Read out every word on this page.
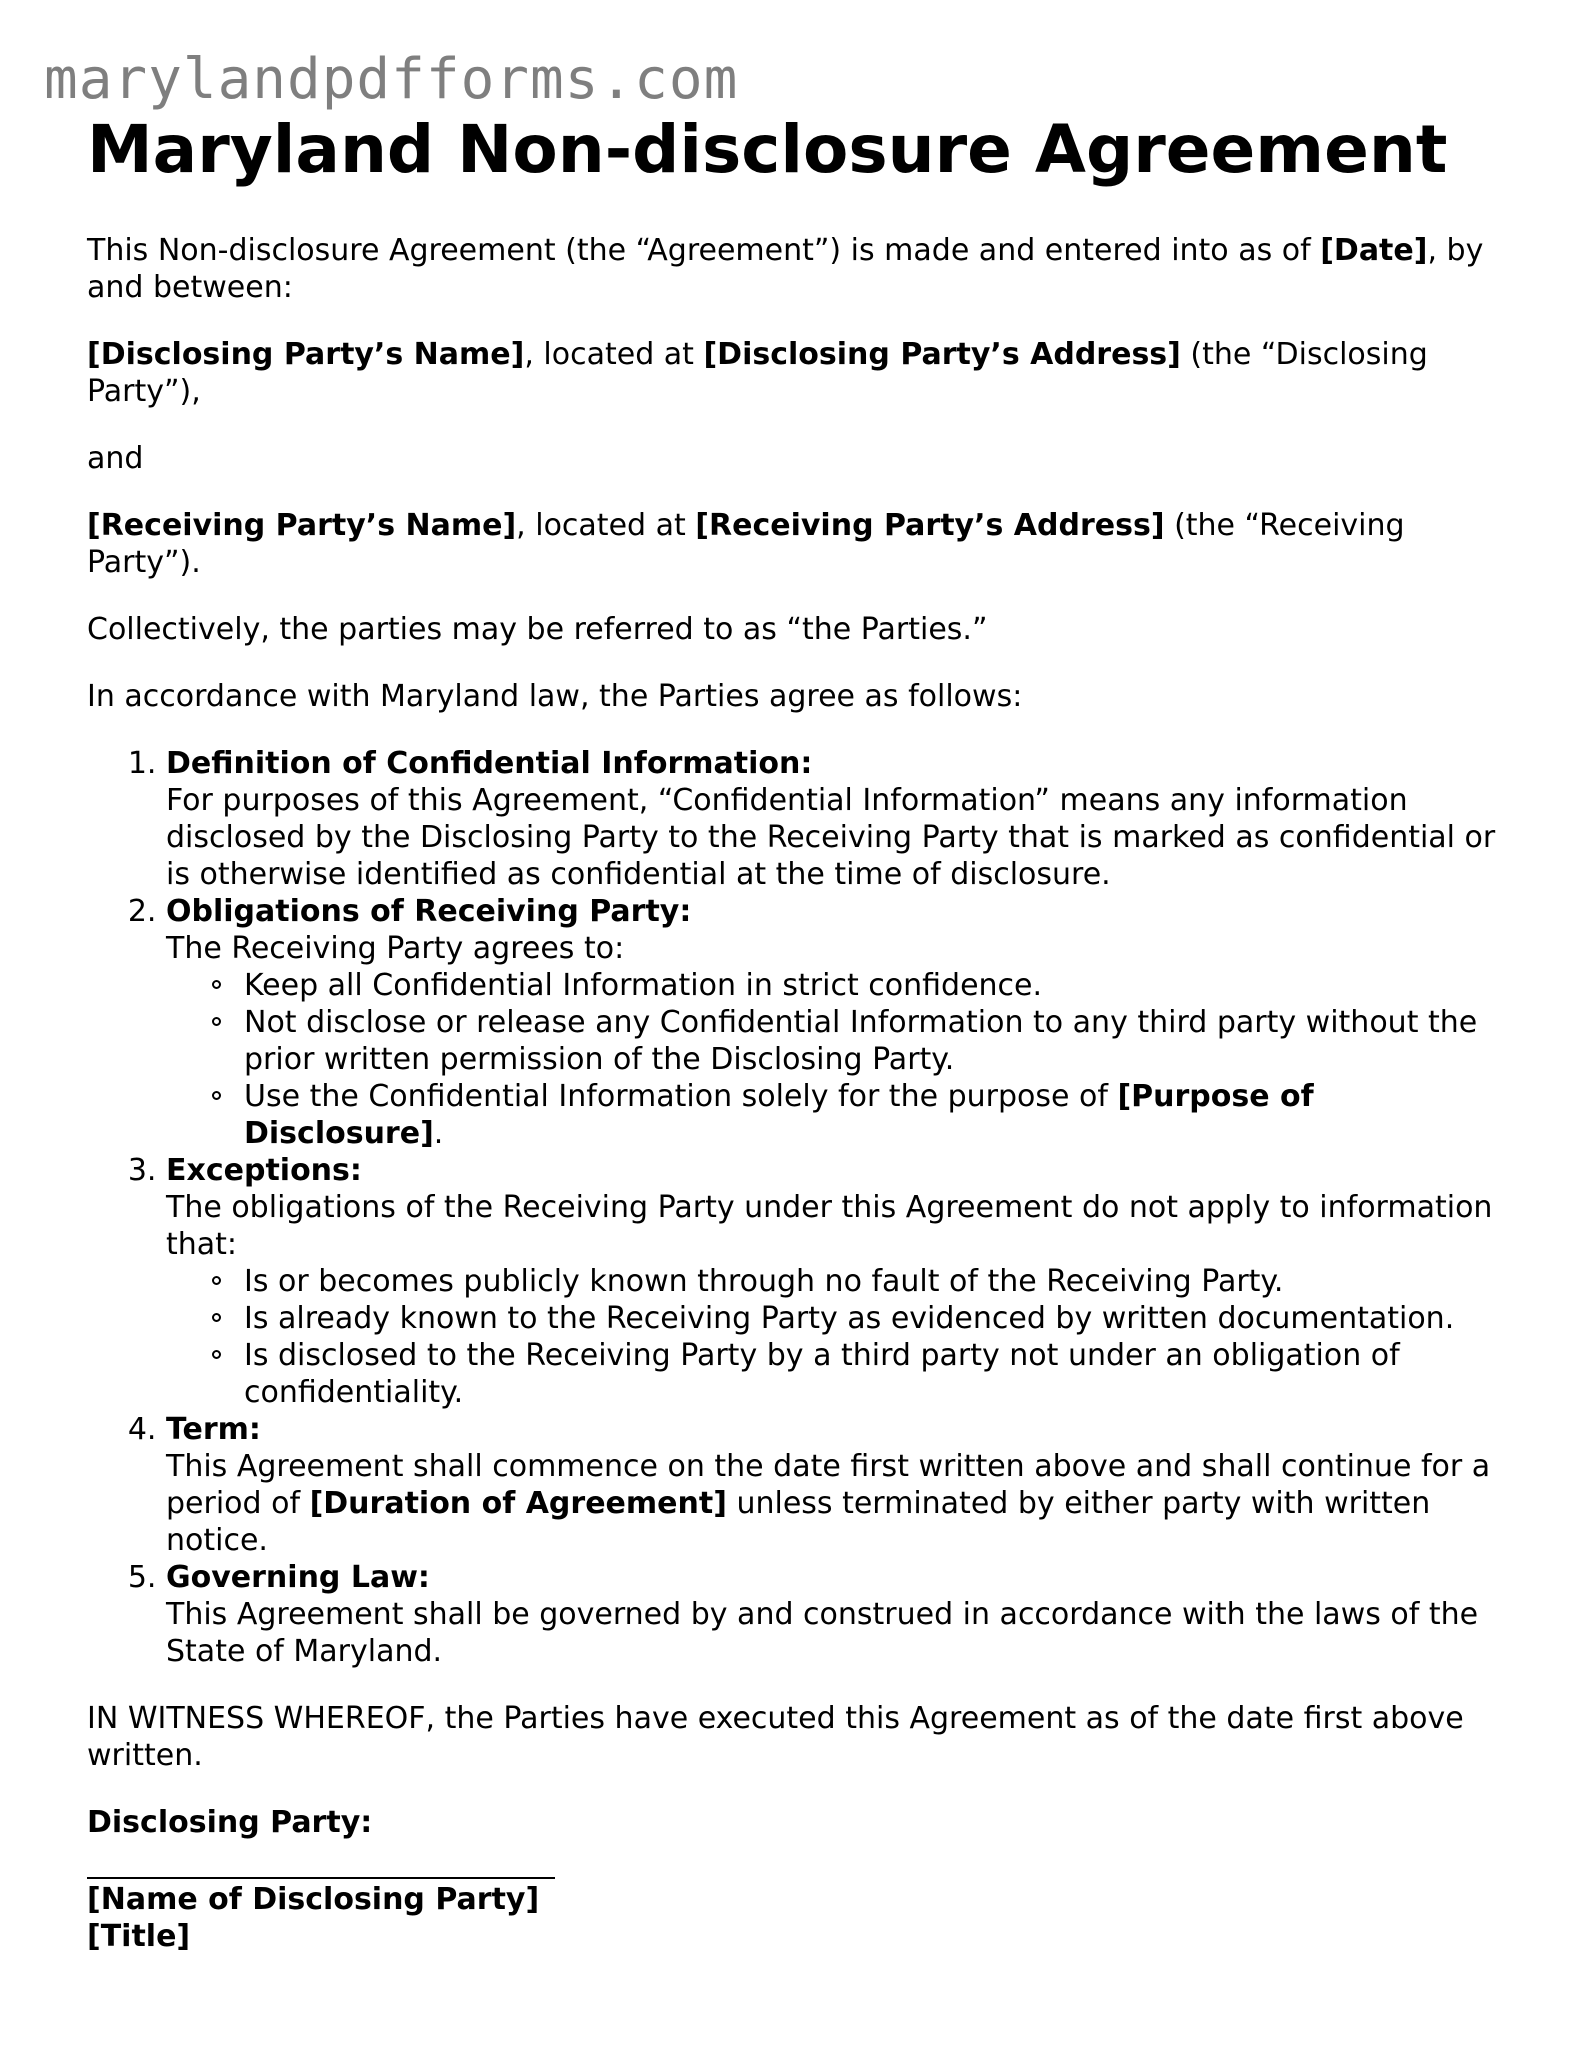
marylandpdfforms.com
Maryland Non-disclosure Agreement

This Non-disclosure Agreement (the “Agreement”) is made and entered into as of [Date], by and between:

[Disclosing Party’s Name], located at [Disclosing Party’s Address] (the “Disclosing Party”),

and

[Receiving Party’s Name], located at [Receiving Party’s Address] (the “Receiving Party”).

Collectively, the parties may be referred to as “the Parties.”

In accordance with Maryland law, the Parties agree as follows:

1. Definition of Confidential Information:
For purposes of this Agreement, “Confidential Information” means any information disclosed by the Disclosing Party to the Receiving Party that is marked as confidential or is otherwise identified as confidential at the time of disclosure.
2. Obligations of Receiving Party:
The Receiving Party agrees to:
Keep all Confidential Information in strict confidence.
Not disclose or release any Confidential Information to any third party without the prior written permission of the Disclosing Party.
Use the Confidential Information solely for the purpose of [Purpose of Disclosure].
3. Exceptions:
The obligations of the Receiving Party under this Agreement do not apply to information that:
Is or becomes publicly known through no fault of the Receiving Party.
Is already known to the Receiving Party as evidenced by written documentation.
Is disclosed to the Receiving Party by a third party not under an obligation of confidentiality.
4. Term:
This Agreement shall commence on the date first written above and shall continue for a period of [Duration of Agreement] unless terminated by either party with written notice.
5. Governing Law:
This Agreement shall be governed by and construed in accordance with the laws of the State of Maryland.

IN WITNESS WHEREOF, the Parties have executed this Agreement as of the date first above written.

Disclosing Party:
[Name of Disclosing Party]
[Title]
